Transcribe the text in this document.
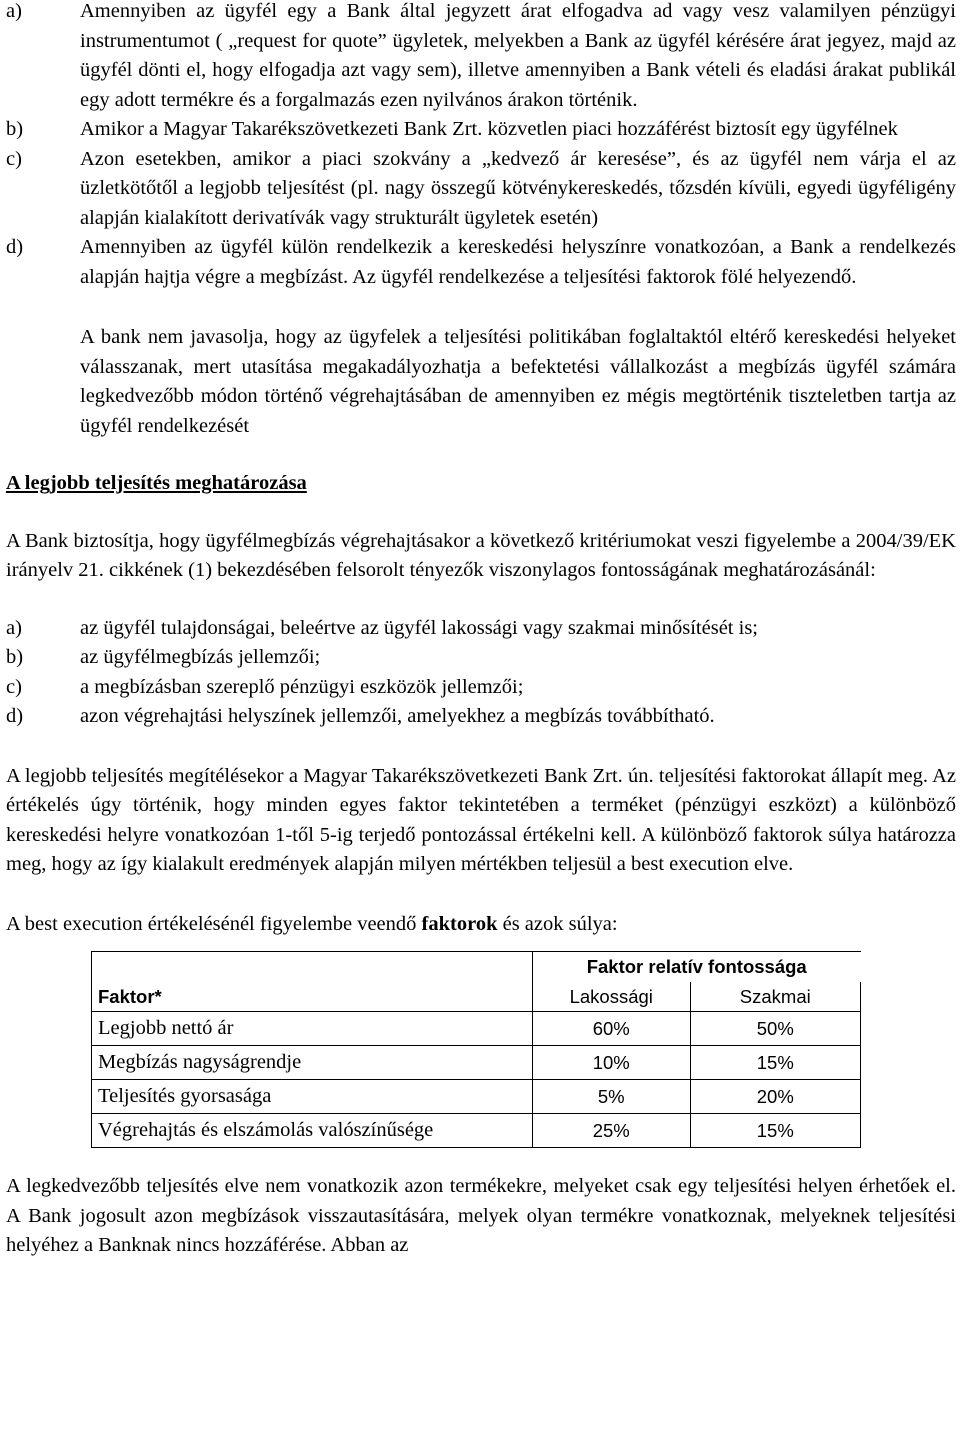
a)	Amennyiben az ügyfél egy a Bank által jegyzett árat elfogadva ad vagy vesz valamilyen pénzügyi instrumentumot ( „request for quote” ügyletek, melyekben a Bank az ügyfél kérésére árat jegyez, majd az ügyfél dönti el, hogy elfogadja azt vagy sem), illetve amennyiben a Bank vételi és eladási árakat publikál egy adott termékre és a forgalmazás ezen nyilvános árakon történik.
b)	Amikor a Magyar Takarékszövetkezeti Bank Zrt. közvetlen piaci hozzáférést biztosít egy ügyfélnek
c)	Azon esetekben, amikor a piaci szokvány a „kedvező ár keresése”, és az ügyfél nem várja el az üzletkötőtől a legjobb teljesítést (pl. nagy összegű kötvénykereskedés, tőzsdén kívüli, egyedi ügyféligény alapján kialakított derivatívák vagy strukturált ügyletek esetén)
d)	Amennyiben az ügyfél külön rendelkezik a kereskedési helyszínre vonatkozóan, a Bank a rendelkezés alapján hajtja végre a megbízást. Az ügyfél rendelkezése a teljesítési faktorok fölé helyezendő.

A bank nem javasolja, hogy az ügyfelek a teljesítési politikában foglaltaktól eltérő kereskedési helyeket válasszanak, mert utasítása megakadályozhatja a befektetési vállalkozást a megbízás ügyfél számára legkedvezőbb módon történő végrehajtásában de amennyiben ez mégis megtörténik tiszteletben tartja az ügyfél rendelkezését

A legjobb teljesítés meghatározása

A Bank biztosítja, hogy ügyfélmegbízás végrehajtásakor a következő kritériumokat veszi figyelembe a 2004/39/EK irányelv 21. cikkének (1) bekezdésében felsorolt tényezők viszonylagos fontosságának meghatározásánál:

a)	az ügyfél tulajdonságai, beleértve az ügyfél lakossági vagy szakmai minősítését is;
b)	az ügyfélmegbízás jellemzői;
c)	a megbízásban szereplő pénzügyi eszközök jellemzői;
d)	azon végrehajtási helyszínek jellemzői, amelyekhez a megbízás továbbítható.

A legjobb teljesítés megítélésekor a Magyar Takarékszövetkezeti Bank Zrt. ún. teljesítési faktorokat állapít meg. Az értékelés úgy történik, hogy minden egyes faktor tekintetében a terméket (pénzügyi eszközt) a különböző kereskedési helyre vonatkozóan 1-től 5-ig terjedő pontozással értékelni kell. A különböző faktorok súlya határozza meg, hogy az így kialakult eredmények alapján milyen mértékben teljesül a best execution elve.

A best execution értékelésénél figyelembe veendő faktorok és azok súlya:

	Faktor relatív fontossága	
Faktor*	Lakossági	Szakmai
Legjobb nettó ár	60%	50%
Megbízás nagyságrendje	10%	15%
Teljesítés gyorsasága	5%	20%
Végrehajtás és elszámolás valószínűsége	25%	15%

A legkedvezőbb teljesítés elve nem vonatkozik azon termékekre, melyeket csak egy teljesítési helyen érhetőek el. A Bank jogosult azon megbízások visszautasítására, melyek olyan termékre vonatkoznak, melyeknek teljesítési helyéhez a Banknak nincs hozzáférése. Abban az
